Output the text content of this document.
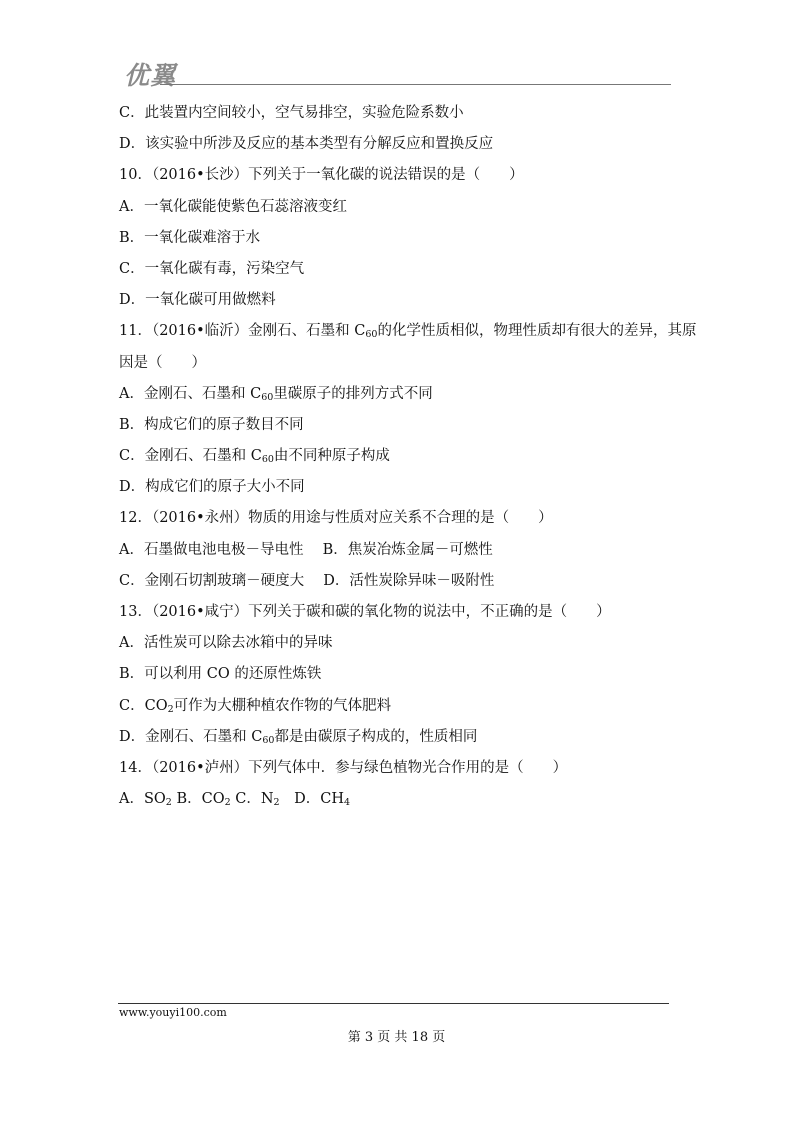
优翼
C．此装置内空间较小，空气易排空，实验危险系数小
D．该实验中所涉及反应的基本类型有分解反应和置换反应
10．（2016•长沙）下列关于一氧化碳的说法错误的是（　　）
A．一氧化碳能使紫色石蕊溶液变红
B．一氧化碳难溶于水
C．一氧化碳有毒，污染空气
D．一氧化碳可用做燃料
11．（2016•临沂）金刚石、石墨和 $C_{60}$的化学性质相似，物理性质却有很大的差异，其原
因是（　　）
A．金刚石、石墨和 $C_{60}$里碳原子的排列方式不同
B．构成它们的原子数目不同
C．金刚石、石墨和 $C_{60}$由不同种原子构成
D．构成它们的原子大小不同
12．（2016•永州）物质的用途与性质对应关系不合理的是（　　）
A．石墨做电池电极－导电性　 B．焦炭冶炼金属－可燃性
C．金刚石切割玻璃－硬度大　 D．活性炭除异味－吸附性
13．（2016•咸宁）下列关于碳和碳的氧化物的说法中，不正确的是（　　）
A．活性炭可以除去冰箱中的异味
B．可以利用 CO 的还原性炼铁
C．$CO_2$可作为大棚种植农作物的气体肥料
D．金刚石、石墨和 $C_{60}$都是由碳原子构成的，性质相同
14．（2016•泸州）下列气体中．参与绿色植物光合作用的是（　　）
A．$SO_2$ B．$CO_2$ C．$N_2$　D．$CH_4$
www.youyi100.com
第 3 页 共 18 页
